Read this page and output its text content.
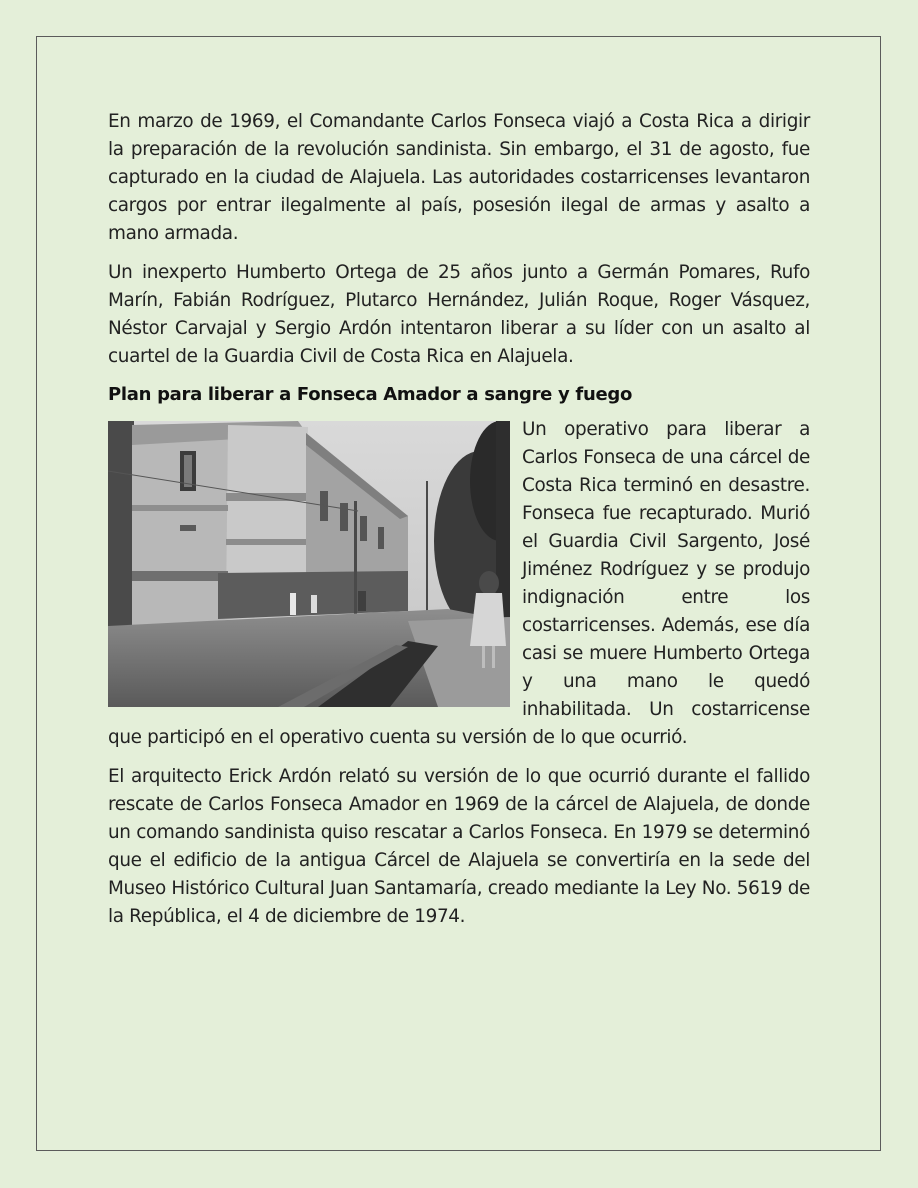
En marzo de 1969, el Comandante Carlos Fonseca viajó a Costa Rica a dirigir la preparación de la revolución sandinista. Sin embargo, el 31 de agosto, fue capturado en la ciudad de Alajuela. Las autoridades costarricenses levantaron cargos por entrar ilegalmente al país, posesión ilegal de armas y asalto a mano armada.

Un inexperto Humberto Ortega de 25 años junto a Germán Pomares, Rufo Marín, Fabián Rodríguez, Plutarco Hernández, Julián Roque, Roger Vásquez, Néstor Carvajal y Sergio Ardón intentaron liberar a su líder con un asalto al cuartel de la Guardia Civil de Costa Rica en Alajuela.

Plan para liberar a Fonseca Amador a sangre y fuego

Un operativo para liberar a Carlos Fonseca de una cárcel de Costa Rica terminó en desastre. Fonseca fue recapturado. Murió el Guardia Civil Sargento, José Jiménez Rodríguez y se produjo indignación entre los costarricenses. Además, ese día casi se muere Humberto Ortega y una mano le quedó inhabilitada. Un costarricense que participó en el operativo cuenta su versión de lo que ocurrió.

El arquitecto Erick Ardón relató su versión de lo que ocurrió durante el fallido rescate de Carlos Fonseca Amador en 1969 de la cárcel de Alajuela, de donde un comando sandinista quiso rescatar a Carlos Fonseca. En 1979 se determinó que el edificio de la antigua Cárcel de Alajuela se convertiría en la sede del Museo Histórico Cultural Juan Santamaría, creado mediante la Ley No. 5619 de la República, el 4 de diciembre de 1974.
